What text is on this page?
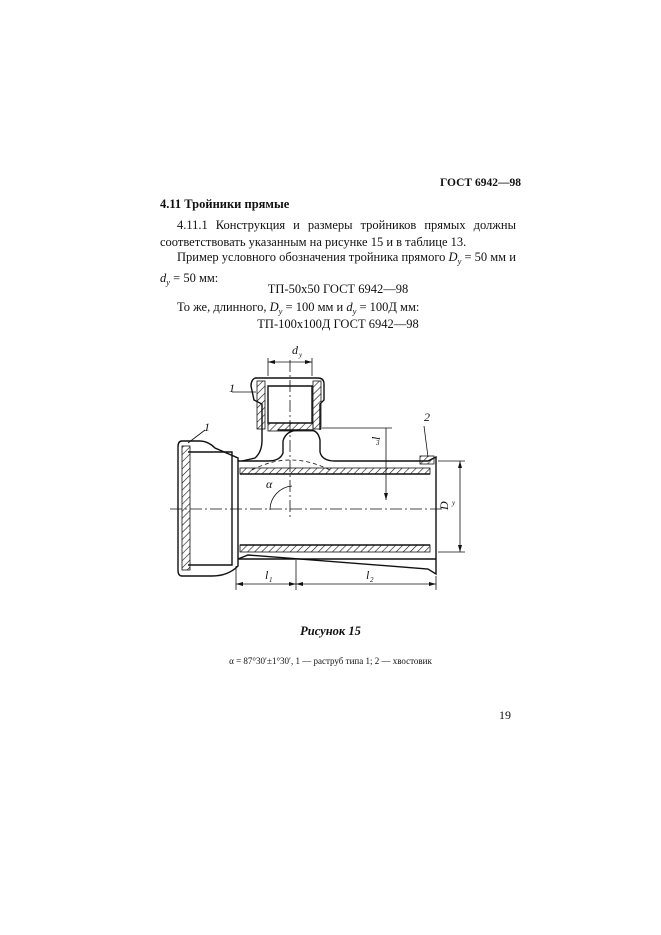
ГОСТ 6942—98
4.11 Тройники прямые
4.11.1 Конструкция и размеры тройников прямых должны соответствовать указанным на рисунке 15 и в таблице 13.
Пример условного обозначения тройника прямого $D_у = 50$ мм и
$d_у = 50$ мм:
ТП-50х50 ГОСТ 6942—98
То же, длинного, $D_у = 100$ мм и $d_у = 100Д$ мм:
ТП-100х100Д ГОСТ 6942—98
d у
1
1
2
α
l
3
D у
l 1	l 2
Рисунок 15
α = 87°30′±1°30′, 1 — раструб типа 1; 2 — хвостовик
19
